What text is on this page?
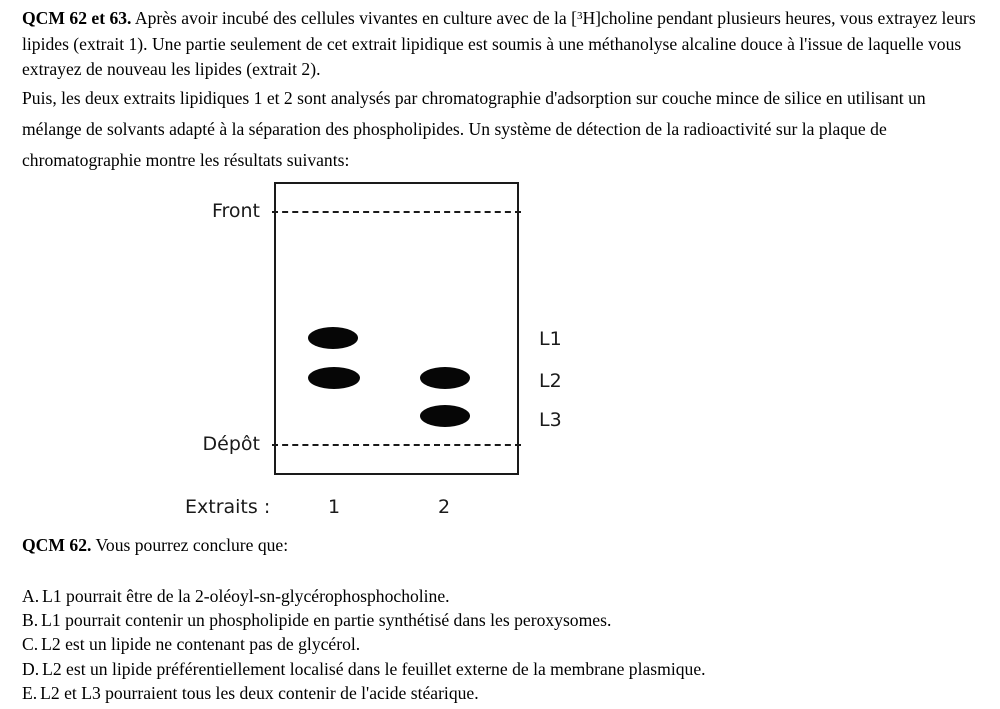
QCM 62 et 63. Après avoir incubé des cellules vivantes en culture avec de la [$^3$H]choline pendant plusieurs heures, vous extrayez leurs lipides (extrait 1). Une partie seulement de cet extrait lipidique est soumis à une méthanolyse alcaline douce à l'issue de laquelle vous extrayez de nouveau les lipides (extrait 2).

Puis, les deux extraits lipidiques 1 et 2 sont analysés par chromatographie d'adsorption sur couche mince de silice en utilisant un mélange de solvants adapté à la séparation des phospholipides. Un système de détection de la radioactivité sur la plaque de chromatographie montre les résultats suivants:

Front
Dépôt
L1
L2
L3
Extraits :	1	2
QCM 62. Vous pourrez conclure que:
A. L1 pourrait être de la 2-oléoyl-sn-glycérophosphocholine.
B. L1 pourrait contenir un phospholipide en partie synthétisé dans les peroxysomes.
C. L2 est un lipide ne contenant pas de glycérol.
D. L2 est un lipide préférentiellement localisé dans le feuillet externe de la membrane plasmique.
E. L2 et L3 pourraient tous les deux contenir de l'acide stéarique.
